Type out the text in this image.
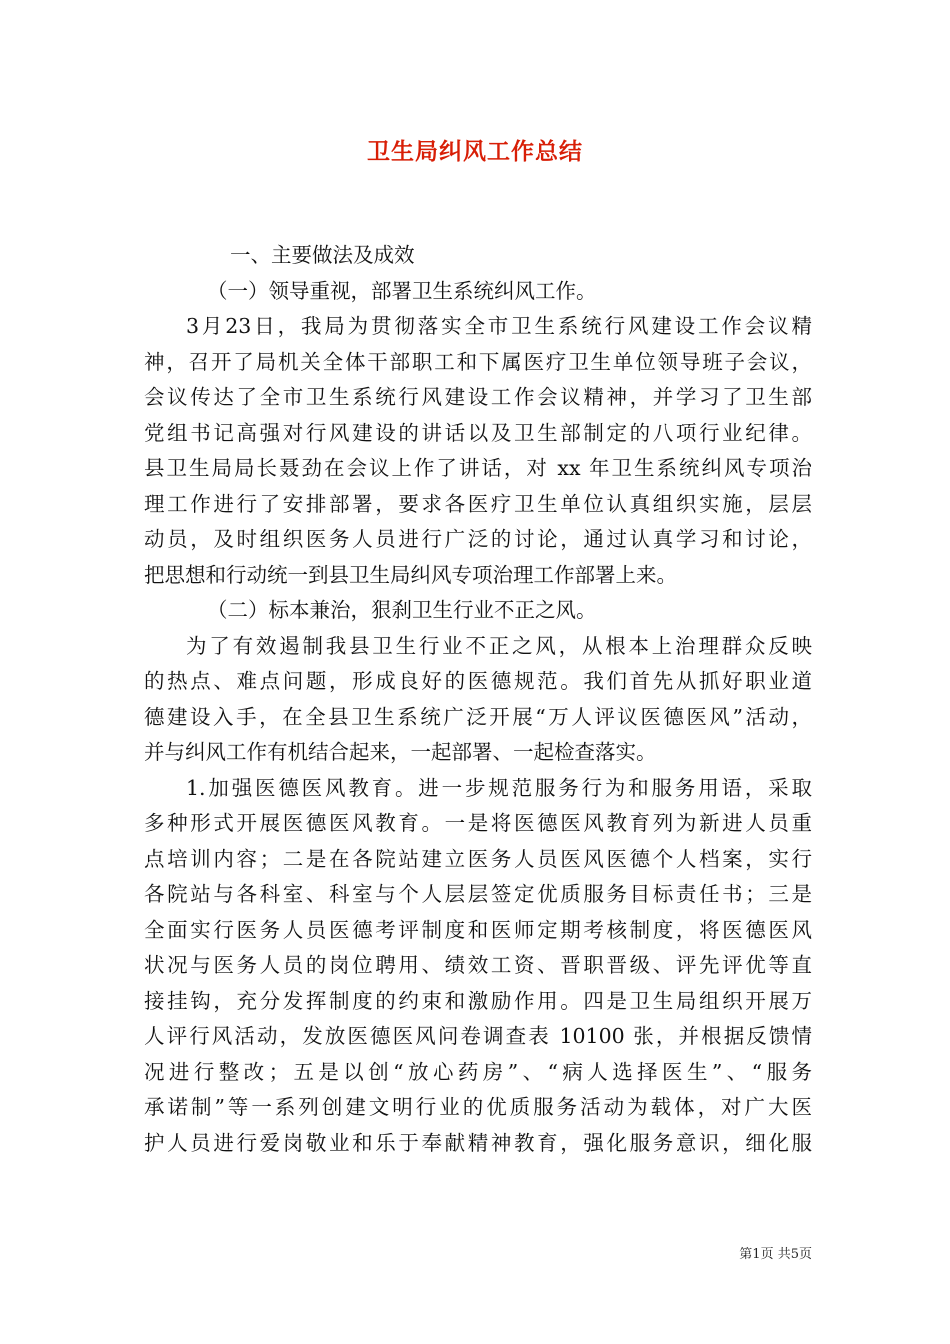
卫生局纠风工作总结
一、主要做法及成效
（一）领导重视，部署卫生系统纠风工作。
3月23日，我局为贯彻落实全市卫生系统行风建设工作会议精
神，召开了局机关全体干部职工和下属医疗卫生单位领导班子会议，
会议传达了全市卫生系统行风建设工作会议精神，并学习了卫生部
党组书记高强对行风建设的讲话以及卫生部制定的八项行业纪律。
县卫生局局长聂劲在会议上作了讲话，对 xx 年卫生系统纠风专项治
理工作进行了安排部署，要求各医疗卫生单位认真组织实施，层层
动员，及时组织医务人员进行广泛的讨论，通过认真学习和讨论，
把思想和行动统一到县卫生局纠风专项治理工作部署上来。
（二）标本兼治，狠刹卫生行业不正之风。
为了有效遏制我县卫生行业不正之风，从根本上治理群众反映
的热点、难点问题，形成良好的医德规范。我们首先从抓好职业道
德建设入手，在全县卫生系统广泛开展“万人评议医德医风”活动，
并与纠风工作有机结合起来，一起部署、一起检查落实。
1.加强医德医风教育。进一步规范服务行为和服务用语，采取
多种形式开展医德医风教育。一是将医德医风教育列为新进人员重
点培训内容；二是在各院站建立医务人员医风医德个人档案，实行
各院站与各科室、科室与个人层层签定优质服务目标责任书；三是
全面实行医务人员医德考评制度和医师定期考核制度，将医德医风
状况与医务人员的岗位聘用、绩效工资、晋职晋级、评先评优等直
接挂钩，充分发挥制度的约束和激励作用。四是卫生局组织开展万
人评行风活动，发放医德医风问卷调查表 10100 张，并根据反馈情
况进行整改；五是以创“放心药房”、“病人选择医生”、“服务
承诺制”等一系列创建文明行业的优质服务活动为载体，对广大医
护人员进行爱岗敬业和乐于奉献精神教育，强化服务意识，细化服
第1页 共5页
